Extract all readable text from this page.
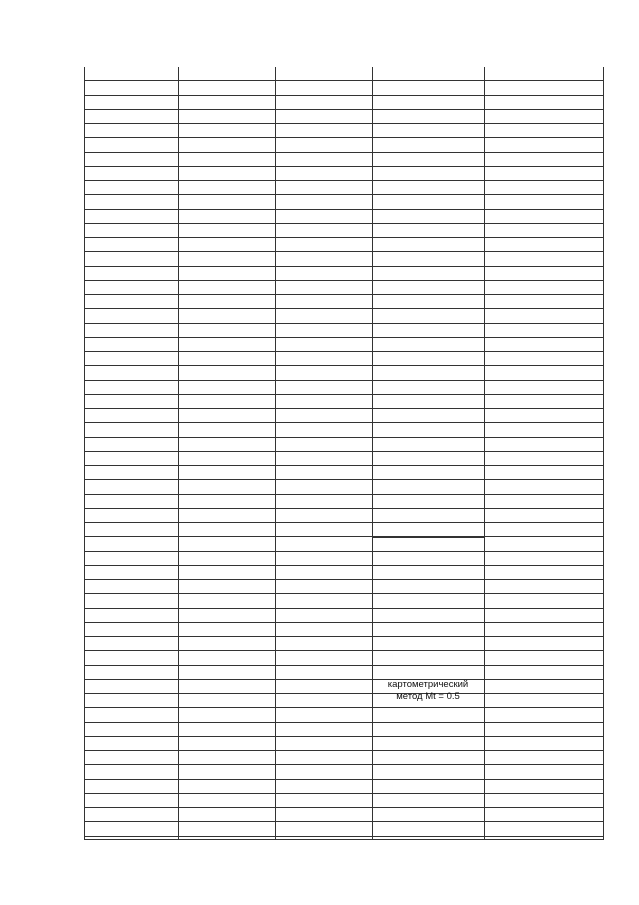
картометрический
метод Mt = 0.5
